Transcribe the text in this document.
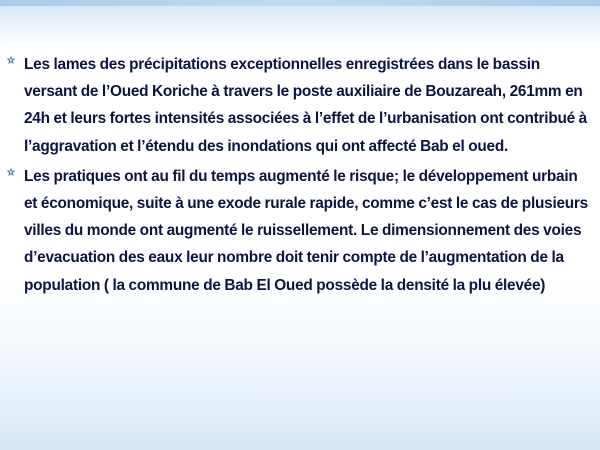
Les lames des précipitations exceptionnelles enregistrées dans le bassin versant de l’Oued Koriche à travers le poste auxiliaire de Bouzareah, 261mm en 24h et leurs fortes intensités associées à l’effet de l’urbanisation ont contribué à l’aggravation et l’étendu des inondations qui ont affecté Bab el oued.
Les pratiques ont au fil du temps augmenté le risque; le développement urbain et économique, suite à une exode rurale rapide, comme c’est le cas de plusieurs villes du monde ont augmenté le ruissellement. Le dimensionnement des voies d’evacuation des eaux leur nombre doit tenir compte de l’augmentation de la population ( la commune de Bab El Oued possède la densité la plu élevée)
